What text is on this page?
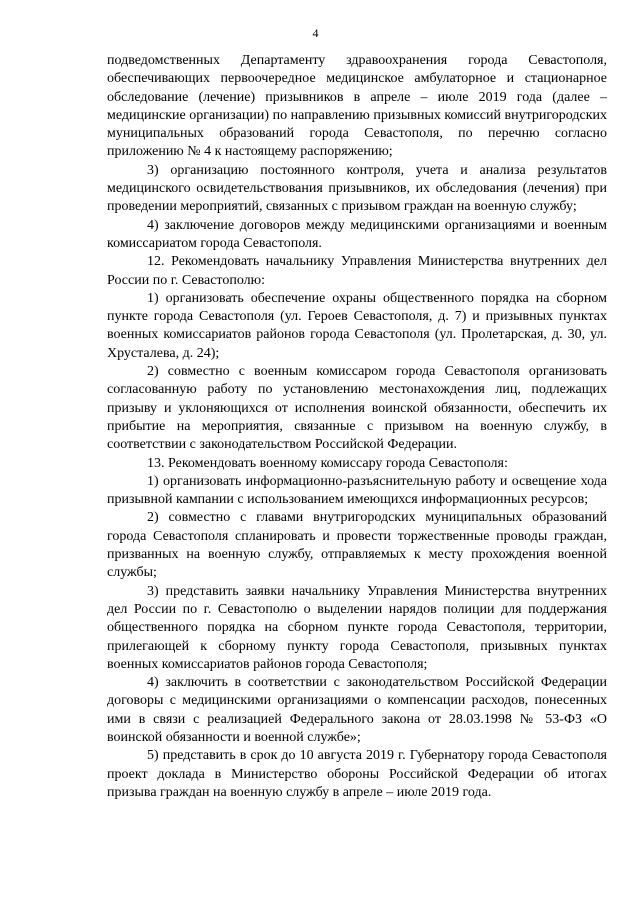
4

подведомственных Департаменту здравоохранения города Севастополя, обеспечивающих первоочередное медицинское амбулаторное и стационарное обследование (лечение) призывников в апреле – июле 2019 года (далее – медицинские организации) по направлению призывных комиссий внутригородских муниципальных образований города Севастополя, по перечню согласно приложению № 4 к настоящему распоряжению;

3) организацию постоянного контроля, учета и анализа результатов медицинского освидетельствования призывников, их обследования (лечения) при проведении мероприятий, связанных с призывом граждан на военную службу;

4) заключение договоров между медицинскими организациями и военным комиссариатом города Севастополя.

12. Рекомендовать начальнику Управления Министерства внутренних дел России по г. Севастополю:

1) организовать обеспечение охраны общественного порядка на сборном пункте города Севастополя (ул. Героев Севастополя, д. 7) и призывных пунктах военных комиссариатов районов города Севастополя (ул. Пролетарская, д. 30, ул. Хрусталева, д. 24);

2) совместно с военным комиссаром города Севастополя организовать согласованную работу по установлению местонахождения лиц, подлежащих призыву и уклоняющихся от исполнения воинской обязанности, обеспечить их прибытие на мероприятия, связанные с призывом на военную службу, в соответствии с законодательством Российской Федерации.

13. Рекомендовать военному комиссару города Севастополя:

1) организовать информационно-разъяснительную работу и освещение хода призывной кампании с использованием имеющихся информационных ресурсов;

2) совместно с главами внутригородских муниципальных образований города Севастополя спланировать и провести торжественные проводы граждан, призванных на военную службу, отправляемых к месту прохождения военной службы;

3) представить заявки начальнику Управления Министерства внутренних дел России по г. Севастополю о выделении нарядов полиции для поддержания общественного порядка на сборном пункте города Севастополя, территории, прилегающей к сборному пункту города Севастополя, призывных пунктах военных комиссариатов районов города Севастополя;

4) заключить в соответствии с законодательством Российской Федерации договоры с медицинскими организациями о компенсации расходов, понесенных ими в связи с реализацией Федерального закона от 28.03.1998 № 53-ФЗ «О воинской обязанности и военной службе»;

5) представить в срок до 10 августа 2019 г. Губернатору города Севастополя проект доклада в Министерство обороны Российской Федерации об итогах призыва граждан на военную службу в апреле – июле 2019 года.
